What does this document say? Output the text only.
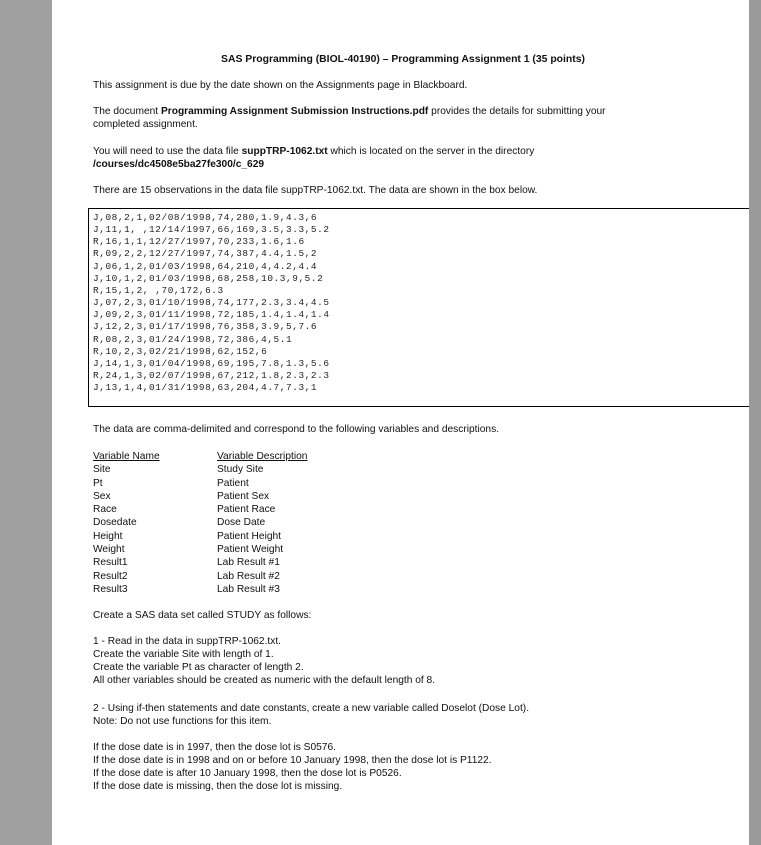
SAS Programming (BIOL-40190) – Programming Assignment 1 (35 points)
This assignment is due by the date shown on the Assignments page in Blackboard.
The document Programming Assignment Submission Instructions.pdf provides the details for submitting your
completed assignment.
You will need to use the data file suppTRP-1062.txt which is located on the server in the directory
/courses/dc4508e5ba27fe300/c_629
There are 15 observations in the data file suppTRP-1062.txt. The data are shown in the box below.
The data are comma-delimited and correspond to the following variables and descriptions.
Variable Name
Site
Pt
Sex
Race
Dosedate
Height
Weight
Result1
Result2
Result3
Variable Description
Study Site
Patient
Patient Sex
Patient Race
Dose Date
Patient Height
Patient Weight
Lab Result #1
Lab Result #2
Lab Result #3
Create a SAS data set called STUDY as follows:
1 - Read in the data in suppTRP-1062.txt.
Create the variable Site with length of 1.
Create the variable Pt as character of length 2.
All other variables should be created as numeric with the default length of 8.
2 - Using if-then statements and date constants, create a new variable called Doselot (Dose Lot).
Note: Do not use functions for this item.
If the dose date is in 1997, then the dose lot is S0576.
If the dose date is in 1998 and on or before 10 January 1998, then the dose lot is P1122.
If the dose date is after 10 January 1998, then the dose lot is P0526.
If the dose date is missing, then the dose lot is missing.
J,08,2,1,02/08/1998,74,280,1.9,4.3,6
J,11,1, ,12/14/1997,66,169,3.5,3.3,5.2
R,16,1,1,12/27/1997,70,233,1.6,1.6
R,09,2,2,12/27/1997,74,387,4.4,1.5,2
J,06,1,2,01/03/1998,64,210,4,4.2,4.4
J,10,1,2,01/03/1998,68,258,10.3,9,5.2
R,15,1,2, ,70,172,6.3
J,07,2,3,01/10/1998,74,177,2.3,3.4,4.5
J,09,2,3,01/11/1998,72,185,1.4,1.4,1.4
J,12,2,3,01/17/1998,76,358,3.9,5,7.6
R,08,2,3,01/24/1998,72,386,4,5.1
R,10,2,3,02/21/1998,62,152,6
J,14,1,3,01/04/1998,69,195,7.8,1.3,5.6
R,24,1,3,02/07/1998,67,212,1.8,2.3,2.3
J,13,1,4,01/31/1998,63,204,4.7,7.3,1
